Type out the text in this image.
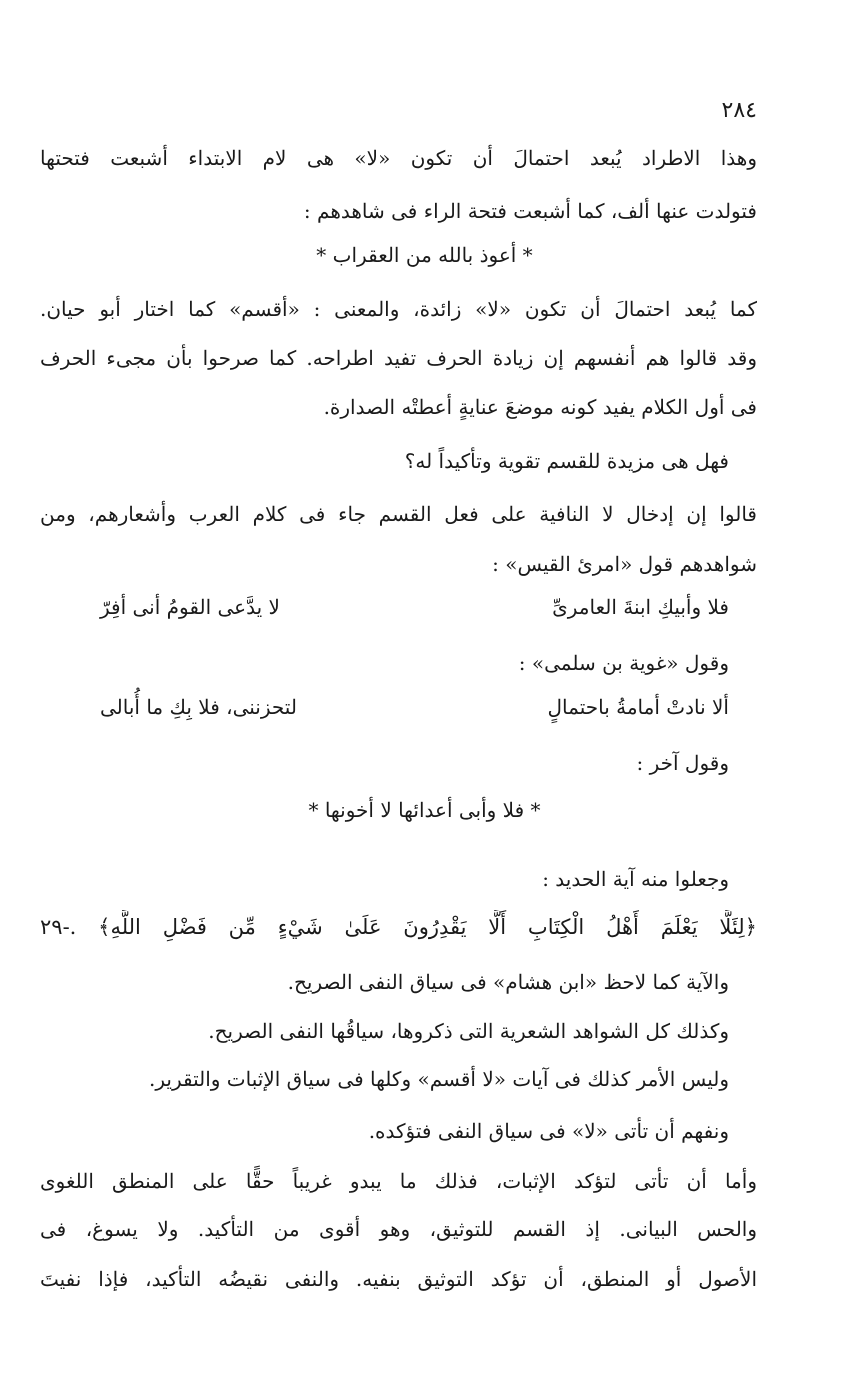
٢٨٤
وهذا الاطراد يُبعد احتمالَ أن تكون «لا» هى لام الابتداء أشبعت فتحتها
فتولدت عنها ألف، كما أشبعت فتحة الراء فى شاهدهم :
* أعوذ بالله من العقراب *
كما يُبعد احتمالَ أن تكون «لا» زائدة، والمعنى : «أقسم» كما اختار أبو حيان.
وقد قالوا هم أنفسهم إن زيادة الحرف تفيد اطراحه. كما صرحوا بأن مجىء الحرف
فى أول الكلام يفيد كونه موضعَ عنايةٍ أعطتْه الصدارة.
فهل هى مزيدة للقسم تقوية وتأكيداً له؟
قالوا إن إدخال لا النافية على فعل القسم جاء فى كلام العرب وأشعارهم، ومن
شواهدهم قول «امرئ القيس» :
فلا وأبيكِ ابنةَ العامرىِّ
لا يدَّعى القومُ أنى أفِرّ
وقول «غوية بن سلمى» :
ألا نادتْ أمامةُ باحتمالٍ
لتحزننى، فلا بِكِ ما أُبالى
وقول آخر :
* فلا وأبى أعدائها لا أخونها *
وجعلوا منه آية الحديد :
﴿لِئَلَّا يَعْلَمَ أَهْلُ الْكِتَابِ أَلَّا يَقْدِرُونَ عَلَىٰ شَيْءٍ مِّن فَضْلِ اللَّهِ﴾ .-٢٩
والآية كما لاحظ «ابن هشام» فى سياق النفى الصريح.
وكذلك كل الشواهد الشعرية التى ذكروها، سياقُها النفى الصريح.
وليس الأمر كذلك فى آيات «لا أقسم» وكلها فى سياق الإثبات والتقرير.
ونفهم أن تأتى «لا» فى سياق النفى فتؤكده.
وأما أن تأتى لتؤكد الإثبات، فذلك ما يبدو غريباً حقًّا على المنطق اللغوى
والحس البيانى. إذ القسم للتوثيق، وهو أقوى من التأكيد. ولا يسوغ، فى
الأصول أو المنطق، أن تؤكد التوثيق بنفيه. والنفى نقيضُه التأكيد، فإذا نفيتَ
